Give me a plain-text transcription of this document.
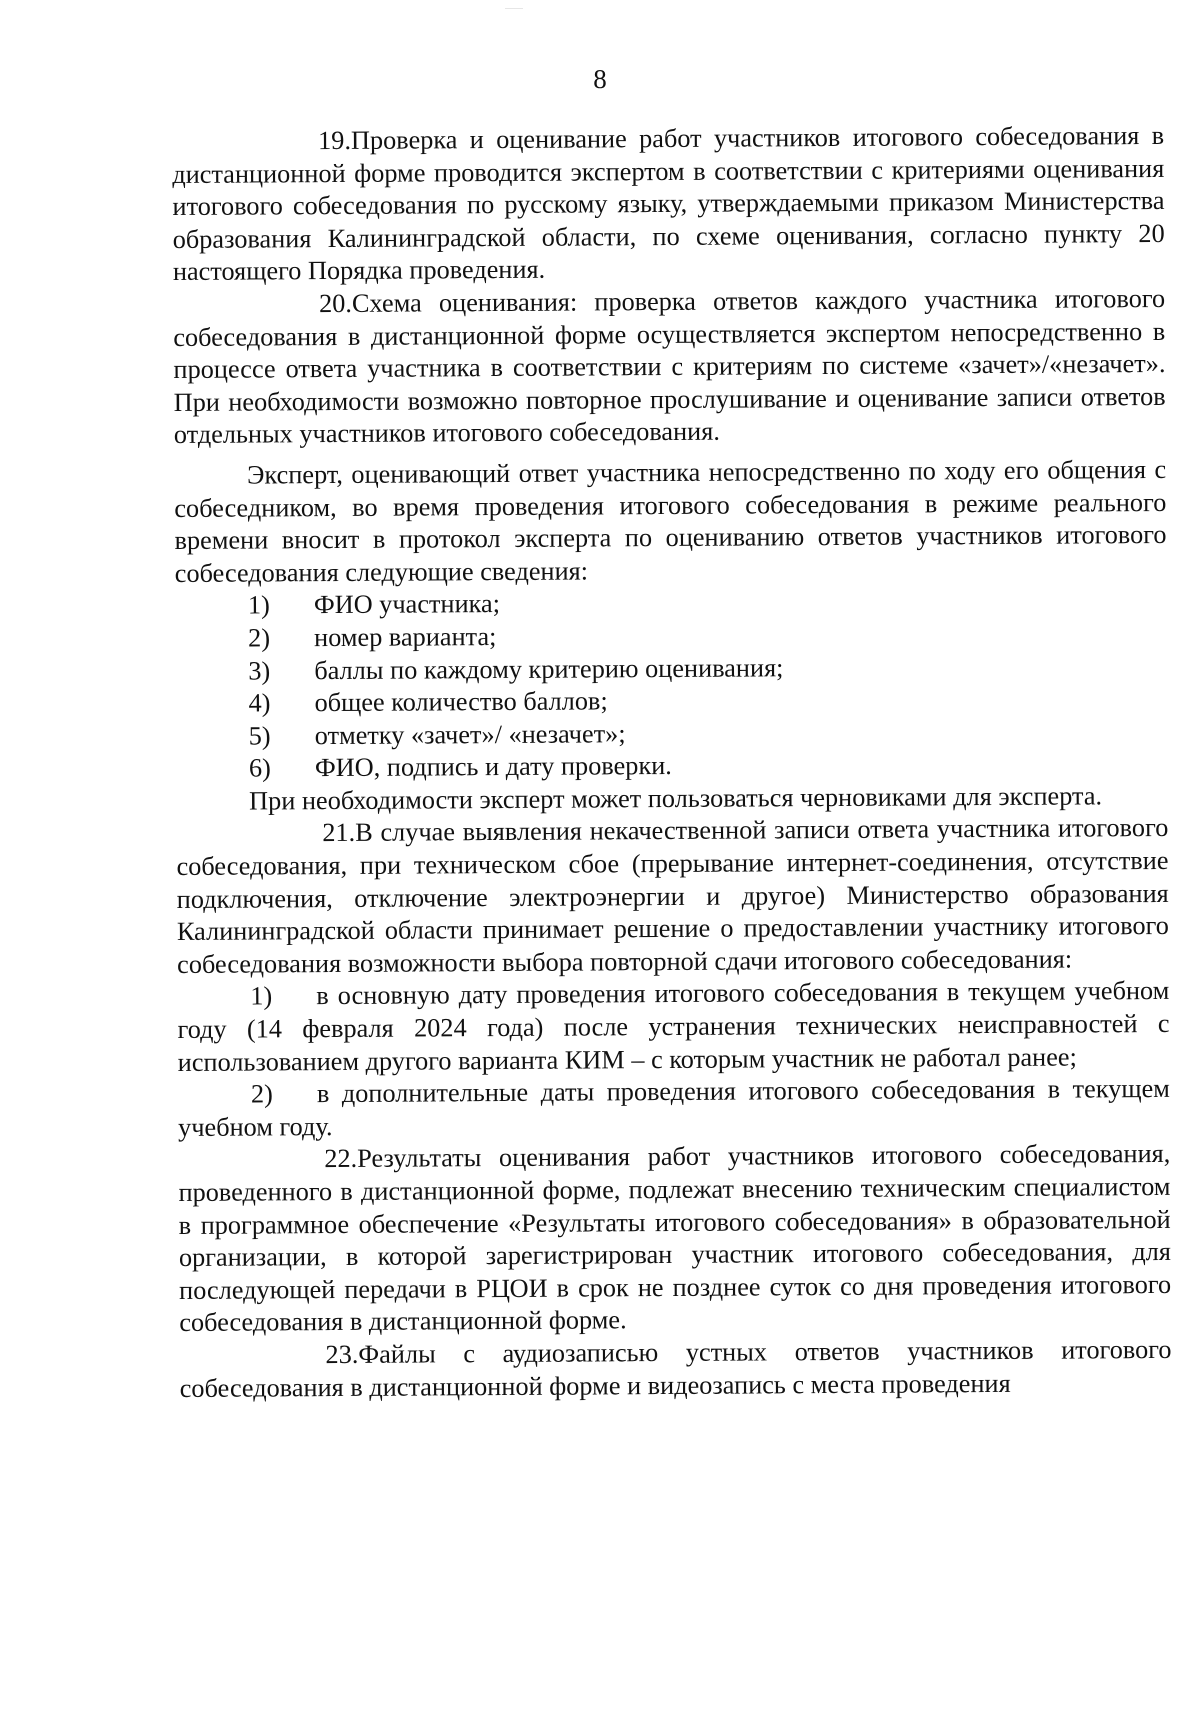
8

19.Проверка и оценивание работ участников итогового собеседования в дистанционной форме проводится экспертом в соответствии с критериями оценивания итогового собеседования по русскому языку, утверждаемыми приказом Министерства образования Калининградской области, по схеме оценивания, согласно пункту 20 настоящего Порядка проведения.

20.Схема оценивания: проверка ответов каждого участника итогового собеседования в дистанционной форме осуществляется экспертом непосредственно в процессе ответа участника в соответствии с критериям по системе «зачет»/«незачет». При необходимости возможно повторное прослушивание и оценивание записи ответов отдельных участников итогового собеседования.

Эксперт, оценивающий ответ участника непосредственно по ходу его общения с собеседником, во время проведения итогового собеседования в режиме реального времени вносит в протокол эксперта по оцениванию ответов участников итогового собеседования следующие сведения:

1)	ФИО участника;
2)	номер варианта;
3)	баллы по каждому критерию оценивания;
4)	общее количество баллов;
5)	отметку «зачет»/ «незачет»;
6)	ФИО, подпись и дату проверки.

При необходимости эксперт может пользоваться черновиками для эксперта.

21.В случае выявления некачественной записи ответа участника итогового собеседования, при техническом сбое (прерывание интернет-соединения, отсутствие подключения, отключение электроэнергии и другое) Министерство образования Калининградской области принимает решение о предоставлении участнику итогового собеседования возможности выбора повторной сдачи итогового собеседования:

1) в основную дату проведения итогового собеседования в текущем учебном году (14 февраля 2024 года) после устранения технических неисправностей с использованием другого варианта КИМ – с которым участник не работал ранее;

2) в дополнительные даты проведения итогового собеседования в текущем учебном году.

22.Результаты оценивания работ участников итогового собеседования, проведенного в дистанционной форме, подлежат внесению техническим специалистом в программное обеспечение «Результаты итогового собеседования» в образовательной организации, в которой зарегистрирован участник итогового собеседования, для последующей передачи в РЦОИ в срок не позднее суток со дня проведения итогового собеседования в дистанционной форме.

23.Файлы с аудиозаписью устных ответов участников итогового собеседования в дистанционной форме и видеозапись с места проведения
